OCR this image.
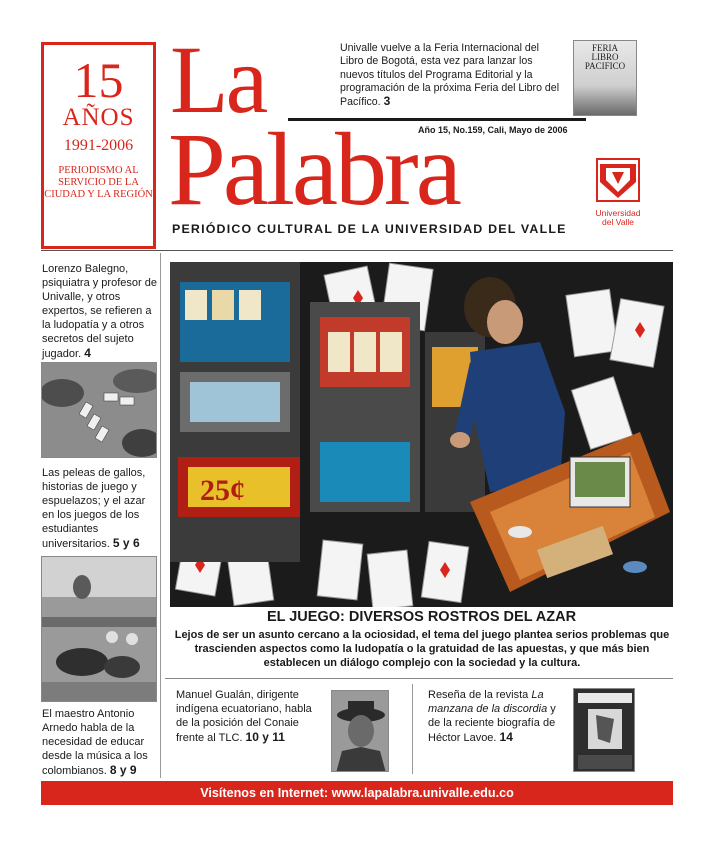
15
AÑOS
1991-2006
PERIODISMO AL SERVICIO DE LA CIUDAD Y LA REGIÓN
La
Palabra
Univalle vuelve a la Feria Internacional del Libro de Bogotá, esta vez para lanzar los nuevos títulos del Programa Editorial y la programación de la próxima Feria del Libro del Pacífico. 3
FERIA
LIBRO
PACIFICO
Año 15, No.159, Cali, Mayo de 2006
Universidad del Valle
PERIÓDICO CULTURAL DE LA UNIVERSIDAD DEL VALLE
Lorenzo Balegno, psiquiatra y profesor de Univalle, y otros expertos, se refieren a la ludopatía y a otros secretos del sujeto jugador. 4
Las peleas de gallos, historias de juego y espuelazos; y el azar en los juegos de los estudiantes universitarios. 5 y 6
El maestro Antonio Arnedo habla de la necesidad de educar desde la música a los colombianos. 8 y 9
25¢
EL JUEGO: DIVERSOS ROSTROS DEL AZAR
Lejos de ser un asunto cercano a la ociosidad, el tema del juego plantea serios problemas que trascienden aspectos como la ludopatía o la gratuidad de las apuestas, y que más bien establecen un diálogo complejo con la sociedad y la cultura.
Manuel Gualán, dirigente indígena ecuatoriano, habla de la posición del Conaie frente al TLC. 10 y 11
Reseña de la revista La manzana de la discordia y de la reciente biografía de Héctor Lavoe. 14
Visítenos en Internet: www.lapalabra.univalle.edu.co
